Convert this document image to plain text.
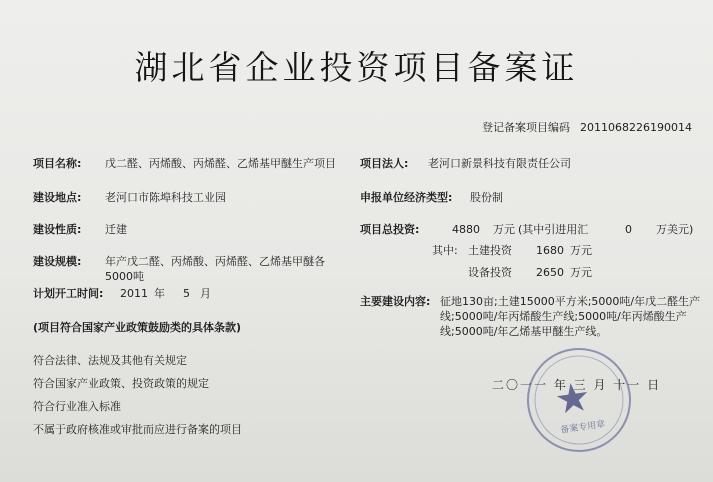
湖北省企业投资项目备案证
登记备案项目编码 2011068226190014
项目名称: 戊二醛、丙烯酸、丙烯醛、乙烯基甲醚生产项目
建设地点: 老河口市陈埠科技工业园
建设性质: 迁建
建设规模: 年产戊二醛、丙烯酸、丙烯醛、乙烯基甲醚各5000吨
计划开工时间: 2011 年 5 月
(项目符合国家产业政策鼓励类的具体条款)
符合法律、法规及其他有关规定
符合国家产业政策、投资政策的规定
符合行业准入标准
不属于政府核准或审批而应进行备案的项目
项目法人: 老河口新景科技有限责任公司
申报单位经济类型: 股份制
项目总投资:	4880 万元 (其中引进用汇	0 万美元)
其中: 土建投资 1680 万元
设备投资 2650 万元
主要建设内容: 征地130亩;土建15000平方米;5000吨/年戊二醛生产线;5000吨/年丙烯酸生产线;5000吨/年丙烯酸生产线;5000吨/年乙烯基甲醚生产线。
二〇一一 年 三 月 十一 日
★
备案专用章
